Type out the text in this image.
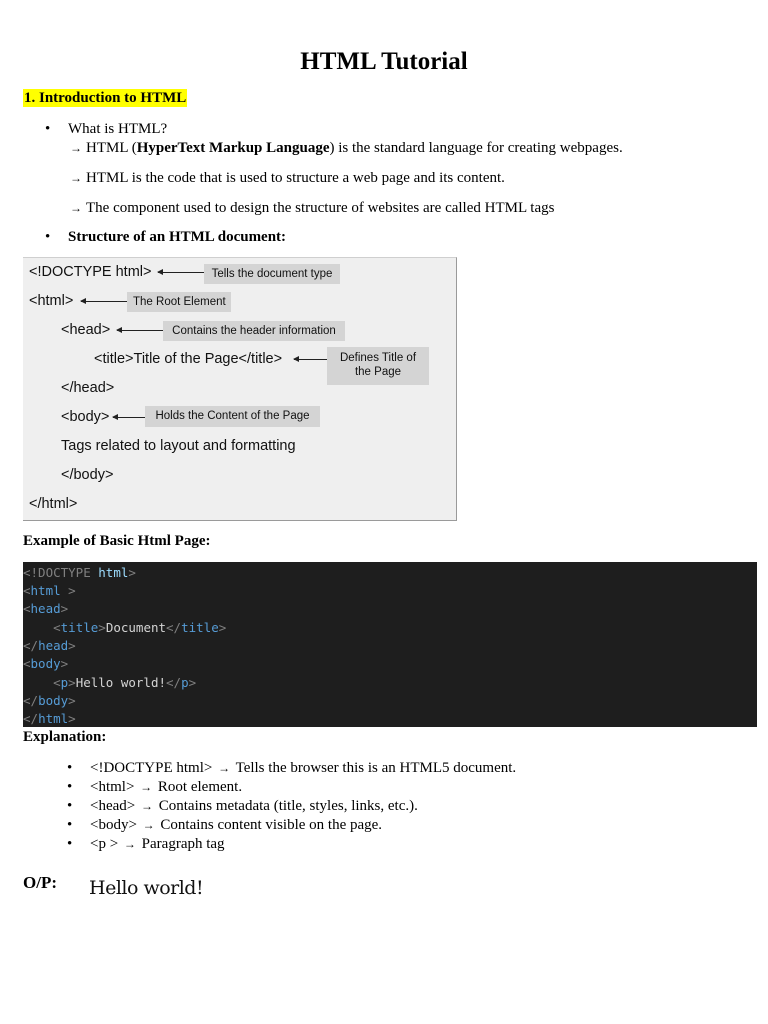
HTML Tutorial
1. Introduction to HTML
• What is HTML?
→ HTML (HyperText Markup Language) is the standard language for creating webpages.
→ HTML is the code that is used to structure a web page and its content.
→ The component used to design the structure of websites are called HTML tags
• Structure of an HTML document:
<!DOCTYPE html>	Tells the document type
<html>	The Root Element
<head>	Contains the header information
<title>Title of the Page</title>	Defines Title of the Page
</head>
<body>	Holds the Content of the Page
Tags related to layout and formatting
</body>
</html>
Example of Basic Html Page:
<!DOCTYPE html>
<html >
<head>
<title>Document</title>
</head>
<body>
<p>Hello world!</p>
</body>
</html>
Explanation:
• <!DOCTYPE html> → Tells the browser this is an HTML5 document.
• <html> → Root element.
• <head> → Contains metadata (title, styles, links, etc.).
• <body> → Contains content visible on the page.
• <p > → Paragraph tag
O/P: Hello world!
